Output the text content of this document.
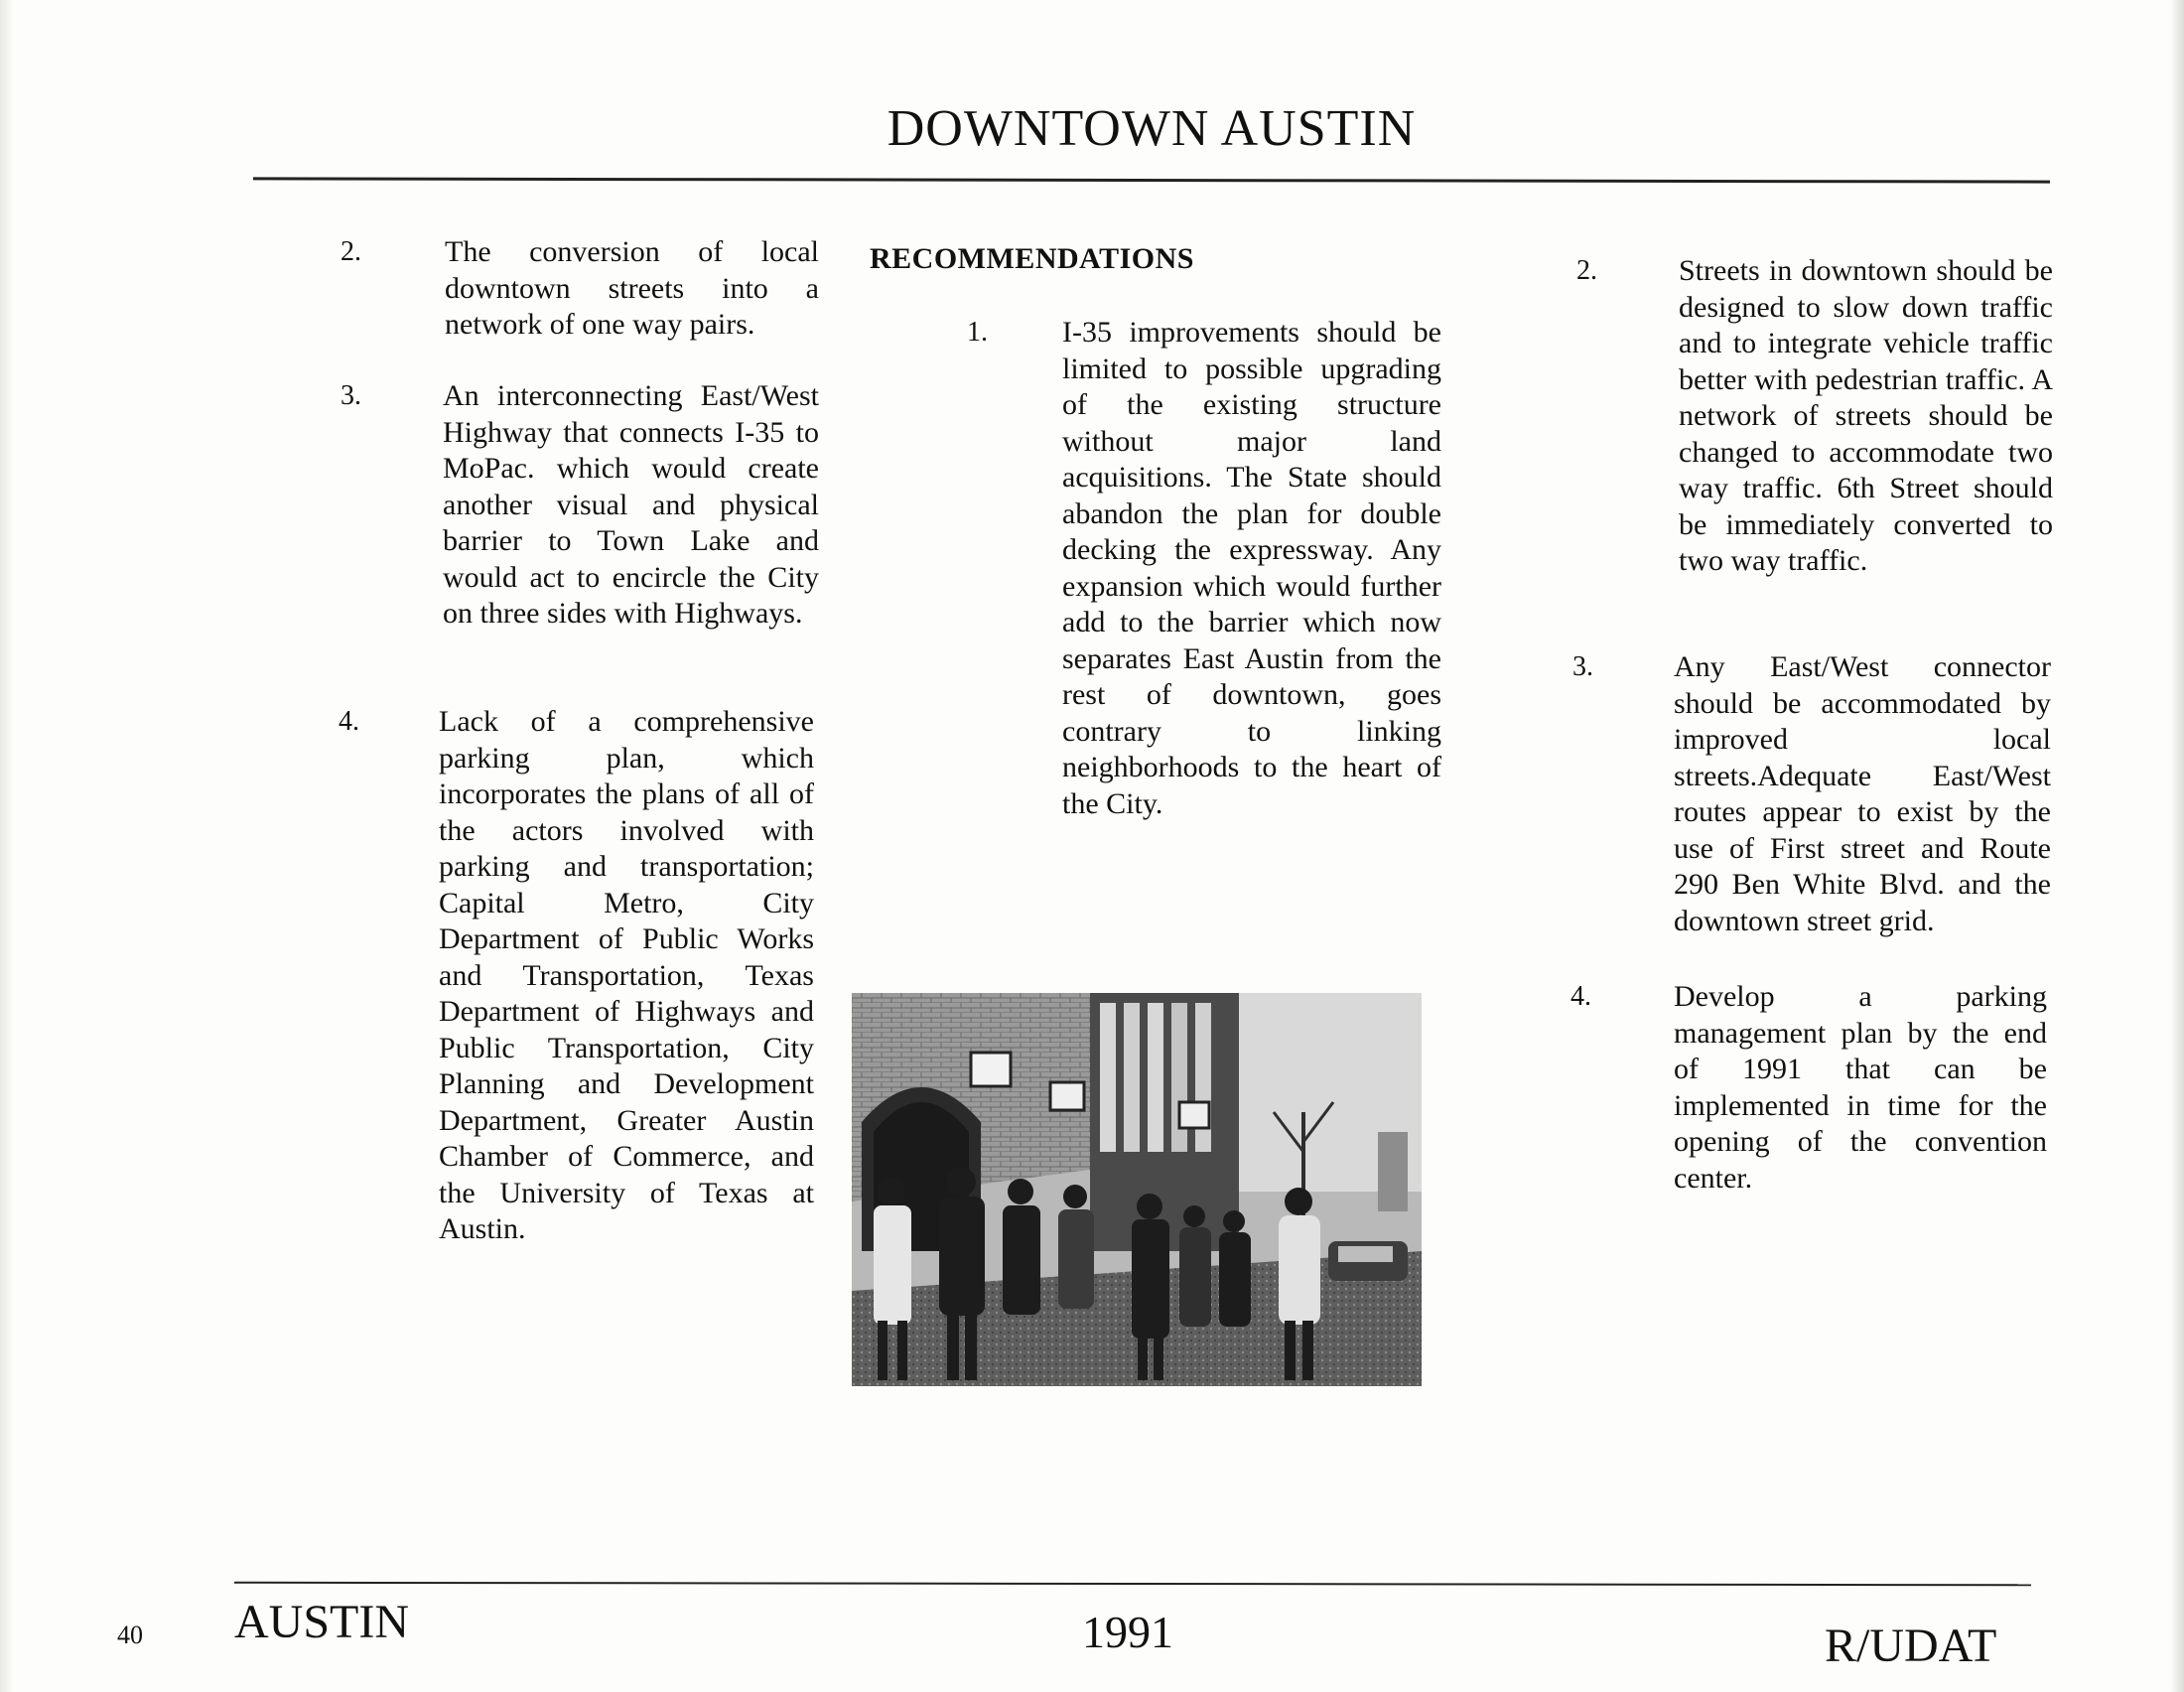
DOWNTOWN AUSTIN
2.	The conversion of local downtown streets into a network of one way pairs.
3.	An interconnecting East/West Highway that connects I-35 to MoPac. which would create another visual and physical barrier to Town Lake and would act to encircle the City on three sides with Highways.
4.	Lack of a comprehensive parking plan, which incorporates the plans of all of the actors involved with parking and transportation; Capital Metro, City Department of Public Works and Transportation, Texas Department of Highways and Public Transportation, City Planning and Development Department, Greater Austin Chamber of Commerce, and the University of Texas at Austin.
RECOMMENDATIONS
1.	I-35 improvements should be limited to possible upgrading of the existing structure without major land acquisitions. The State should abandon the plan for double decking the expressway. Any expansion which would further add to the barrier which now separates East Austin from the rest of downtown, goes contrary to linking neighborhoods to the heart of the City.
2.	Streets in downtown should be designed to slow down traffic and to integrate vehicle traffic better with pedestrian traffic. A network of streets should be changed to accommodate two way traffic. 6th Street should be immediately converted to two way traffic.
3.	Any East/West connector should be accommodated by improved local streets.Adequate East/West routes appear to exist by the use of First street and Route 290 Ben White Blvd. and the downtown street grid.
4.	Develop a parking management plan by the end of 1991 that can be implemented in time for the opening of the convention center.
40 AUSTIN	1991	R/UDAT
